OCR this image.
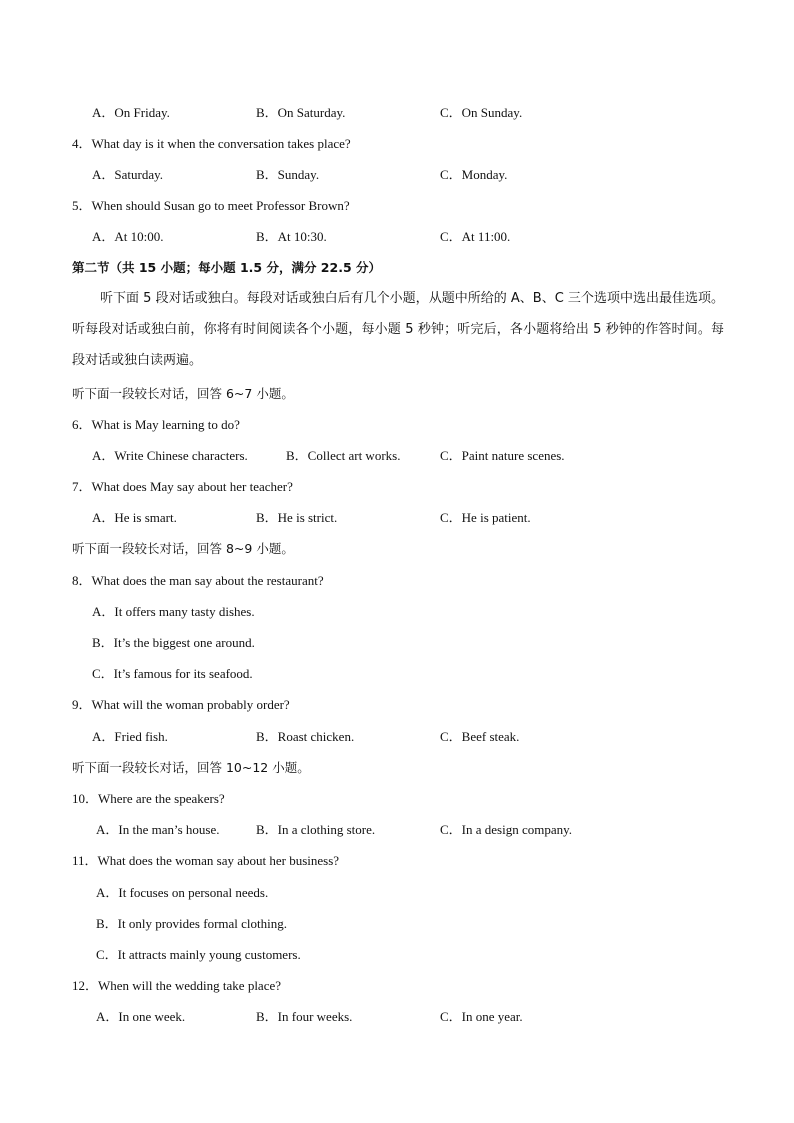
A．On Friday.	B．On Saturday.	C．On Sunday.
4．What day is it when the conversation takes place?
A．Saturday.	B．Sunday.	C．Monday.
5．When should Susan go to meet Professor Brown?
A．At 10:00.	B．At 10:30.	C．At 11:00.
第二节（共 15 小题；每小题 1.5 分，满分 22.5 分）
听下面 5 段对话或独白。每段对话或独白后有几个小题，从题中所给的 A、B、C 三个选项中选出最佳选项。听每段对话或独白前，你将有时间阅读各个小题，每小题 5 秒钟；听完后，各小题将给出 5 秒钟的作答时间。每段对话或独白读两遍。
听下面一段较长对话，回答 6~7 小题。
6．What is May learning to do?
A．Write Chinese characters.	B．Collect art works.	C．Paint nature scenes.
7．What does May say about her teacher?
A．He is smart.	B．He is strict.	C．He is patient.
听下面一段较长对话，回答 8~9 小题。
8．What does the man say about the restaurant?
A．It offers many tasty dishes.
B．It’s the biggest one around.
C．It’s famous for its seafood.
9．What will the woman probably order?
A．Fried fish.	B．Roast chicken.	C．Beef steak.
听下面一段较长对话，回答 10~12 小题。
10．Where are the speakers?
A．In the man’s house.	B．In a clothing store.	C．In a design company.
11．What does the woman say about her business?
A．It focuses on personal needs.
B．It only provides formal clothing.
C．It attracts mainly young customers.
12．When will the wedding take place?
A．In one week.	B．In four weeks.	C．In one year.
